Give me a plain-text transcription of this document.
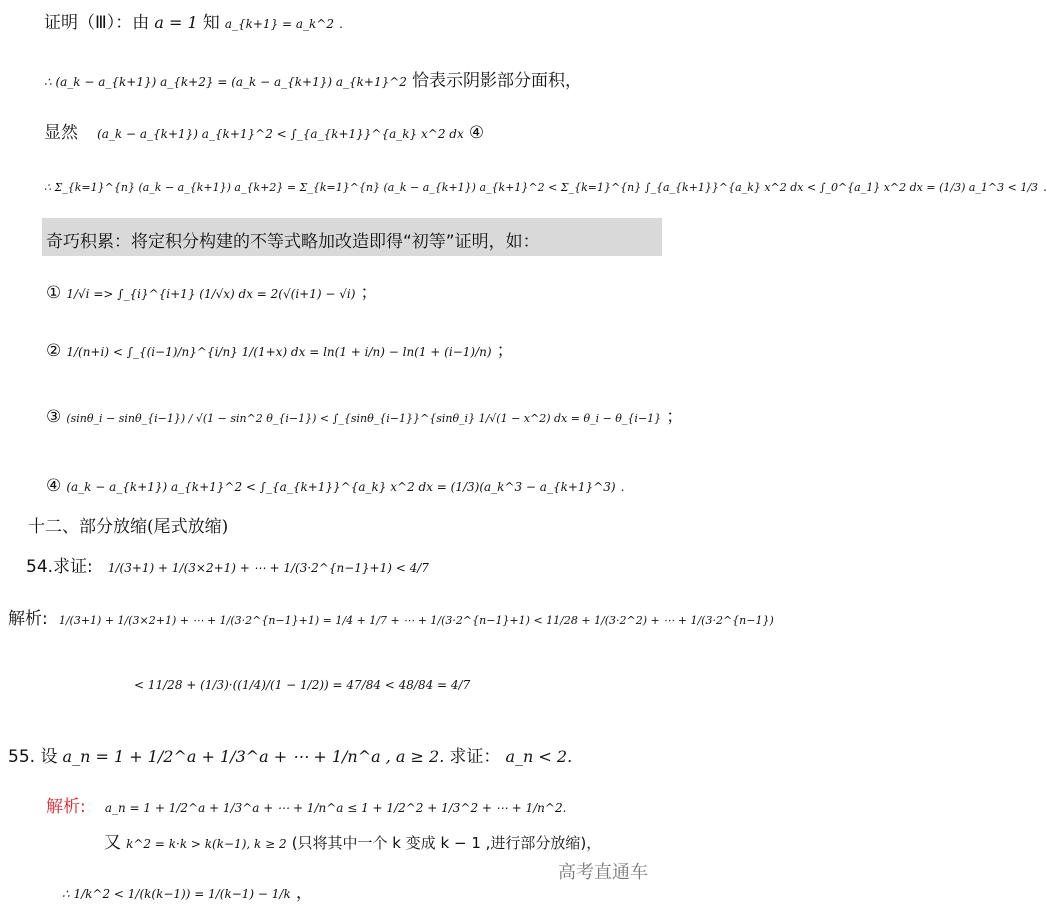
证明（Ⅲ）：由 a = 1 知 a_{k+1} = a_k^2 .
∴ (a_k − a_{k+1}) a_{k+2} = (a_k − a_{k+1}) a_{k+1}^2 恰表示阴影部分面积，
显然 (a_k − a_{k+1}) a_{k+1}^2 < ∫_{a_{k+1}}^{a_k} x^2 dx ④
∴ Σ_{k=1}^{n} (a_k − a_{k+1}) a_{k+2} = Σ_{k=1}^{n} (a_k − a_{k+1}) a_{k+1}^2 < Σ_{k=1}^{n} ∫_{a_{k+1}}^{a_k} x^2 dx < ∫_0^{a_1} x^2 dx = (1/3) a_1^3 < 1/3 .
奇巧积累：将定积分构建的不等式略加改造即得“初等”证明，如：
① 1/√i => ∫_{i}^{i+1} (1/√x) dx = 2(√(i+1) − √i) ；
② 1/(n+i) < ∫_{(i−1)/n}^{i/n} 1/(1+x) dx = ln(1 + i/n) − ln(1 + (i−1)/n) ；
③ (sinθ_i − sinθ_{i−1}) / √(1 − sin^2 θ_{i−1}) < ∫_{sinθ_{i−1}}^{sinθ_i} 1/√(1 − x^2) dx = θ_i − θ_{i−1} ；
④ (a_k − a_{k+1}) a_{k+1}^2 < ∫_{a_{k+1}}^{a_k} x^2 dx = (1/3)(a_k^3 − a_{k+1}^3) .
十二、部分放缩(尾式放缩)
54.求证: 1/(3+1) + 1/(3×2+1) + ⋯ + 1/(3·2^{n−1}+1) < 4/7
解析: 1/(3+1) + 1/(3×2+1) + ⋯ + 1/(3·2^{n−1}+1) = 1/4 + 1/7 + ⋯ + 1/(3·2^{n−1}+1) < 11/28 + 1/(3·2^2) + ⋯ + 1/(3·2^{n−1})
< 11/28 + (1/3)·((1/4)/(1 − 1/2)) = 47/84 < 48/84 = 4/7
55. 设 a_n = 1 + 1/2^a + 1/3^a + ⋯ + 1/n^a , a ≥ 2. 求证： a_n < 2.
解析: a_n = 1 + 1/2^a + 1/3^a + ⋯ + 1/n^a ≤ 1 + 1/2^2 + 1/3^2 + ⋯ + 1/n^2.
又 k^2 = k·k > k(k−1), k ≥ 2 (只将其中一个 k 变成 k − 1 ,进行部分放缩)，
∴ 1/k^2 < 1/(k(k−1)) = 1/(k−1) − 1/k ，
高考直通车
